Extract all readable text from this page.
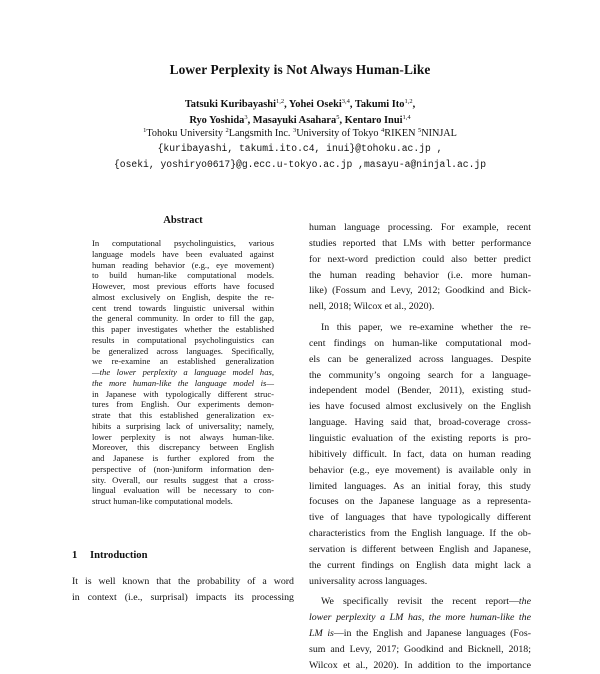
Lower Perplexity is Not Always Human-Like
Tatsuki Kuribayashi$^{1,2}$, Yohei Oseki$^{3,4}$, Takumi Ito$^{1,2}$,
Ryo Yoshida$^3$, Masayuki Asahara$^5$, Kentaro Inui$^{1,4}$
$^1$Tohoku University $^2$Langsmith Inc. $^3$University of Tokyo $^4$RIKEN $^5$NINJAL
{kuribayashi, takumi.ito.c4, inui}@tohoku.ac.jp ,
{oseki, yoshiryo0617}@g.ecc.u-tokyo.ac.jp ,masayu-a@ninjal.ac.jp
Abstract
In computational psycholinguistics, various
language models have been evaluated against
human reading behavior (e.g., eye movement)
to build human-like computational models.
However, most previous efforts have focused
almost exclusively on English, despite the re-
cent trend towards linguistic universal within
the general community. In order to fill the gap,
this paper investigates whether the established
results in computational psycholinguistics can
be generalized across languages. Specifically,
we re-examine an established generalization
—the lower perplexity a language model has,
the more human-like the language model is—
in Japanese with typologically different struc-
tures from English. Our experiments demon-
strate that this established generalization ex-
hibits a surprising lack of universality; namely,
lower perplexity is not always human-like.
Moreover, this discrepancy between English
and Japanese is further explored from the
perspective of (non-)uniform information den-
sity. Overall, our results suggest that a cross-
lingual evaluation will be necessary to con-
struct human-like computational models.
1 Introduction
It is well known that the probability of a word
in context (i.e., surprisal) impacts its processing
human language processing. For example, recent
studies reported that LMs with better performance
for next-word prediction could also better predict
the human reading behavior (i.e. more human-
like) (Fossum and Levy, 2012; Goodkind and Bick-
nell, 2018; Wilcox et al., 2020).
In this paper, we re-examine whether the re-
cent findings on human-like computational mod-
els can be generalized across languages. Despite
the community’s ongoing search for a language-
independent model (Bender, 2011), existing stud-
ies have focused almost exclusively on the English
language. Having said that, broad-coverage cross-
linguistic evaluation of the existing reports is pro-
hibitively difficult. In fact, data on human reading
behavior (e.g., eye movement) is available only in
limited languages. As an initial foray, this study
focuses on the Japanese language as a representa-
tive of languages that have typologically different
characteristics from the English language. If the ob-
servation is different between English and Japanese,
the current findings on English data might lack a
universality across languages.
We specifically revisit the recent report—the
lower perplexity a LM has, the more human-like the
LM is—in the English and Japanese languages (Fos-
sum and Levy, 2017; Goodkind and Bicknell, 2018;
Wilcox et al., 2020). In addition to the importance
